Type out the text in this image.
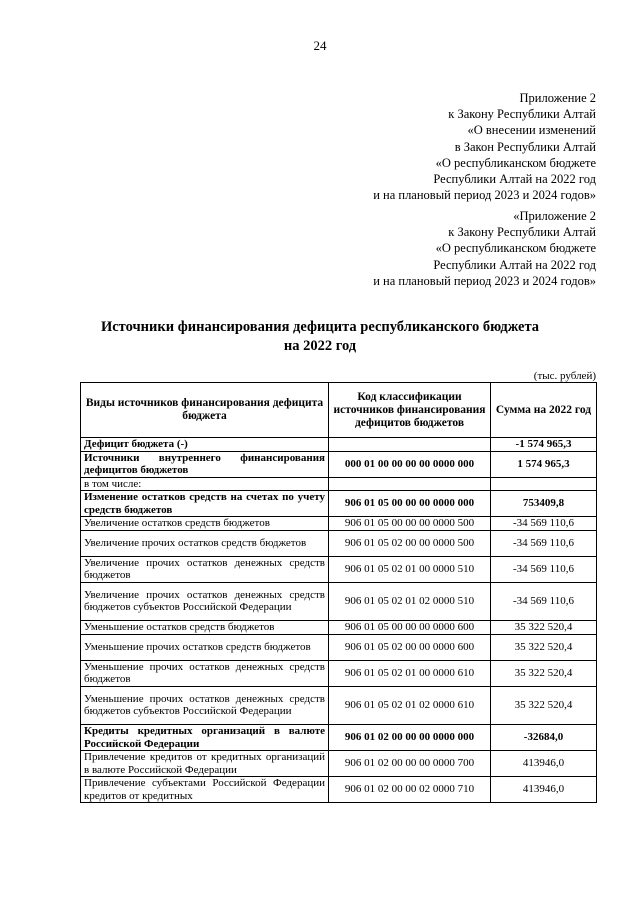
24
Приложение 2
к Закону Республики Алтай
«О внесении изменений
в Закон Республики Алтай
«О республиканском бюджете
Республики Алтай на 2022 год
и на плановый период 2023 и 2024 годов»
«Приложение 2
к Закону Республики Алтай
«О республиканском бюджете
Республики Алтай на 2022 год
и на плановый период 2023 и 2024 годов»
Источники финансирования дефицита республиканского бюджета
на 2022 год
(тыс. рублей)
Виды источников финансирования дефицита бюджета	Код классификации источников финансирования дефицитов бюджетов	Сумма на 2022 год
Дефицит бюджета (-)		-1 574 965,3
Источники внутреннего финансирования дефицитов бюджетов	000 01 00 00 00 00 0000 000	1 574 965,3
в том числе:		
Изменение остатков средств на счетах по учету средств бюджетов	906 01 05 00 00 00 0000 000	753409,8
Увеличение остатков средств бюджетов	906 01 05 00 00 00 0000 500	-34 569 110,6
Увеличение прочих остатков средств бюджетов	906 01 05 02 00 00 0000 500	-34 569 110,6
Увеличение прочих остатков денежных средств бюджетов	906 01 05 02 01 00 0000 510	-34 569 110,6
Увеличение прочих остатков денежных средств бюджетов субъектов Российской Федерации	906 01 05 02 01 02 0000 510	-34 569 110,6
Уменьшение остатков средств бюджетов	906 01 05 00 00 00 0000 600	35 322 520,4
Уменьшение прочих остатков средств бюджетов	906 01 05 02 00 00 0000 600	35 322 520,4
Уменьшение прочих остатков денежных средств бюджетов	906 01 05 02 01 00 0000 610	35 322 520,4
Уменьшение прочих остатков денежных средств бюджетов субъектов Российской Федерации	906 01 05 02 01 02 0000 610	35 322 520,4
Кредиты кредитных организаций в валюте Российской Федерации	906 01 02 00 00 00 0000 000	-32684,0
Привлечение кредитов от кредитных организаций в валюте Российской Федерации	906 01 02 00 00 00 0000 700	413946,0
Привлечение субъектами Российской Федерации кредитов от кредитных	906 01 02 00 00 02 0000 710	413946,0
